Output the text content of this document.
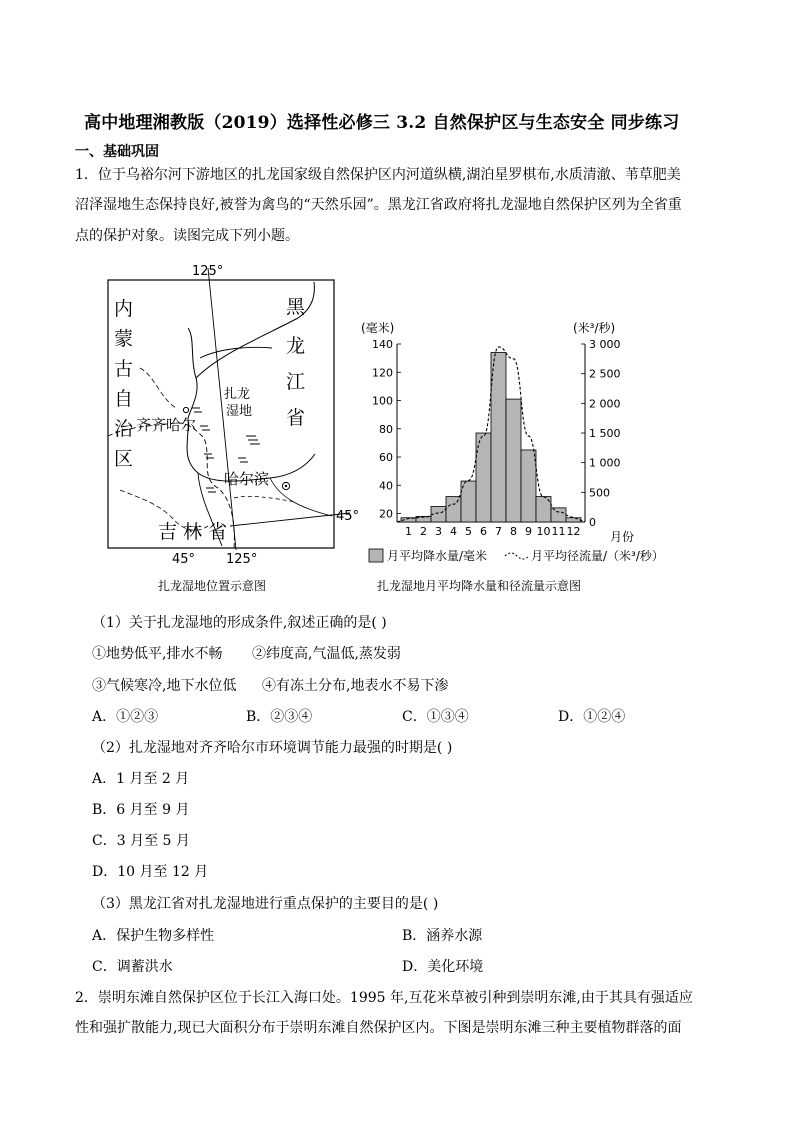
高中地理湘教版（2019）选择性必修三 3.2 自然保护区与生态安全 同步练习
一、基础巩固
1．位于乌裕尔河下游地区的扎龙国家级自然保护区内河道纵横,湖泊星罗棋布,水质清澈、苇草肥美
沼泽湿地生态保持良好,被誉为禽鸟的“天然乐园”。黑龙江省政府将扎龙湿地自然保护区列为全省重
点的保护对象。读图完成下列小题。
125°
125°
45°
45°
内
蒙
古
自
治
区
黑
龙
江
省
吉 林 省
扎龙
湿地
齐齐哈尔
哈尔滨
扎龙湿地位置示意图
(毫米)	(米³/秒)
140
120
100
80
60
40
20
3 000
2 500
2 000
1 500
1 000
500
0
1 2 3 4 5 6 7 8 9 10 11 12 月份
月平均降水量/毫米	月平均径流量/（米³/秒）
扎龙湿地月平均降水量和径流量示意图
（1）关于扎龙湿地的形成条件,叙述正确的是( )
①地势低平,排水不畅 ②纬度高,气温低,蒸发弱
③气候寒冷,地下水位低 ④有冻土分布,地表水不易下渗
A．①②③	B．②③④	C．①③④	D．①②④
（2）扎龙湿地对齐齐哈尔市环境调节能力最强的时期是( )
A．1 月至 2 月
B．6 月至 9 月
C．3 月至 5 月
D．10 月至 12 月
（3）黑龙江省对扎龙湿地进行重点保护的主要目的是( )
A．保护生物多样性	B．涵养水源
C．调蓄洪水	D．美化环境
2．崇明东滩自然保护区位于长江入海口处。1995 年,互花米草被引种到崇明东滩,由于其具有强适应
性和强扩散能力,现已大面积分布于崇明东滩自然保护区内。下图是崇明东滩三种主要植物群落的面
